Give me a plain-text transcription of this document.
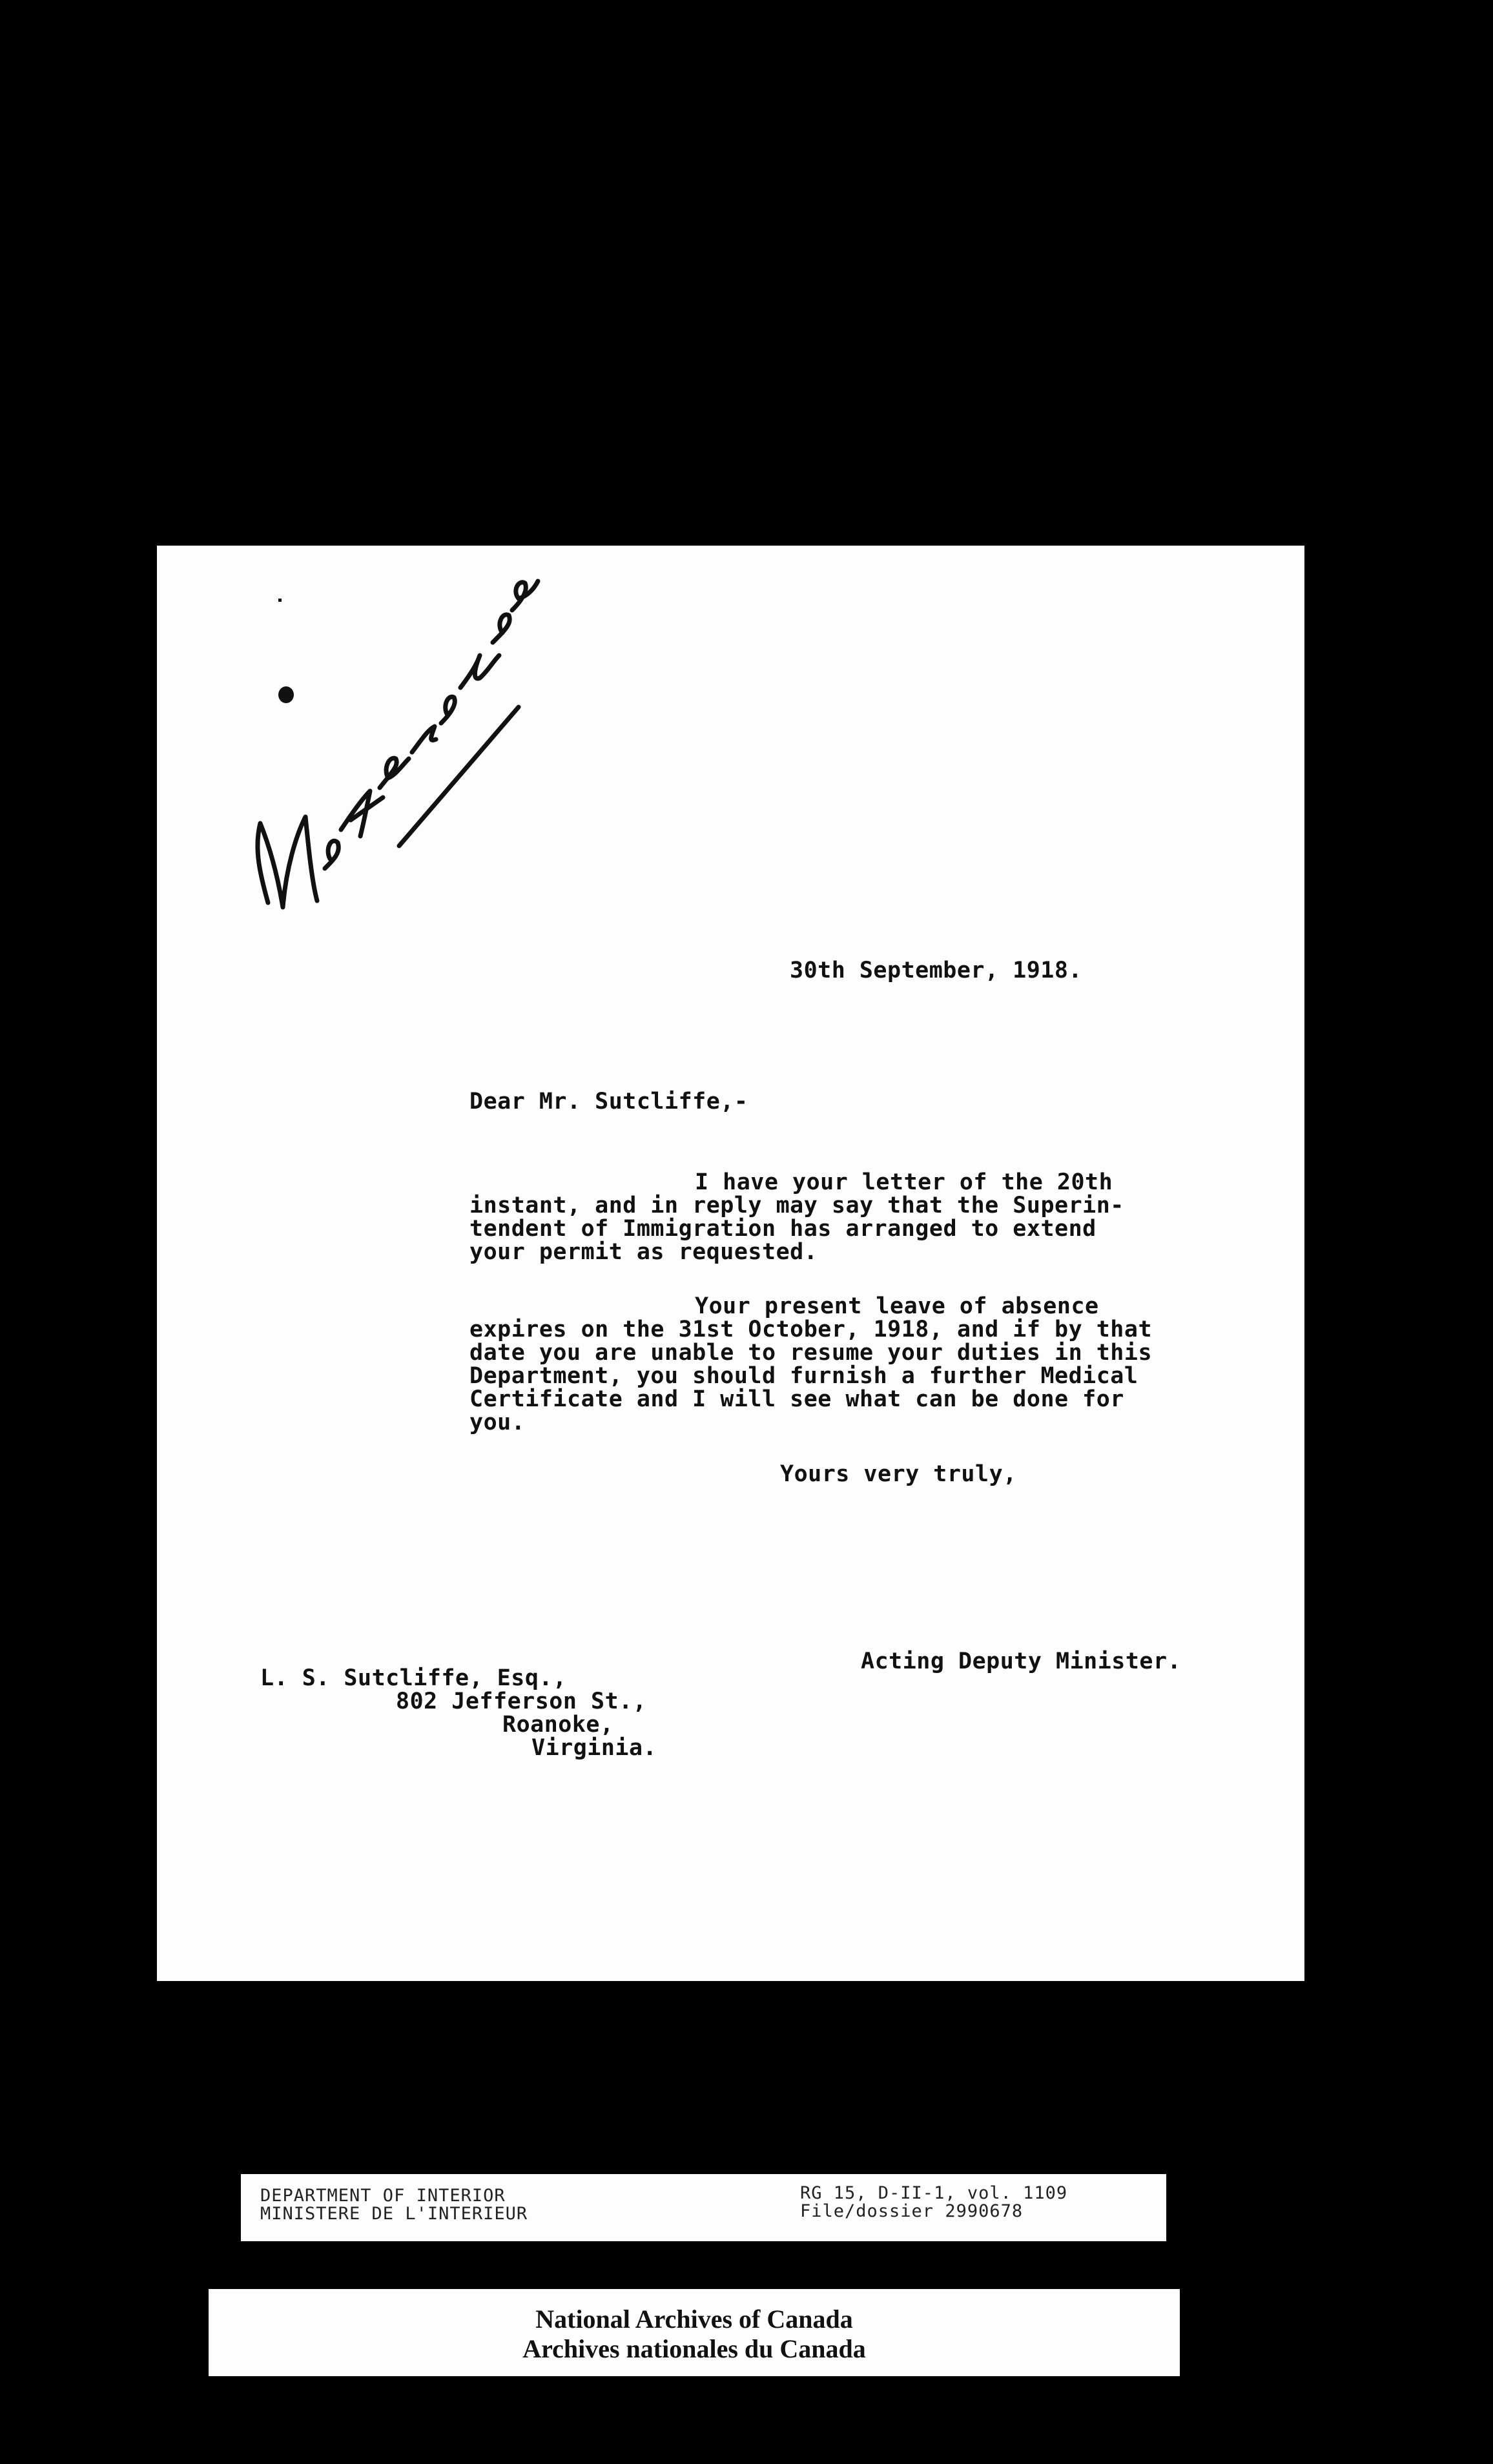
30th September, 1918.
Dear Mr. Sutcliffe,-
I have your letter of the 20th
instant, and in reply may say that the Superin-
tendent of Immigration has arranged to extend
your permit as requested.
Your present leave of absence
expires on the 31st October, 1918, and if by that
date you are unable to resume your duties in this
Department, you should furnish a further Medical
Certificate and I will see what can be done for
you.
Yours very truly,
Acting Deputy Minister.
L. S. Sutcliffe, Esq.,
802 Jefferson St.,
Roanoke,
Virginia.
DEPARTMENT OF INTERIOR
MINISTERE DE L'INTERIEUR
RG 15, D-II-1, vol. 1109
File/dossier 2990678
National Archives of Canada
Archives nationales du Canada
